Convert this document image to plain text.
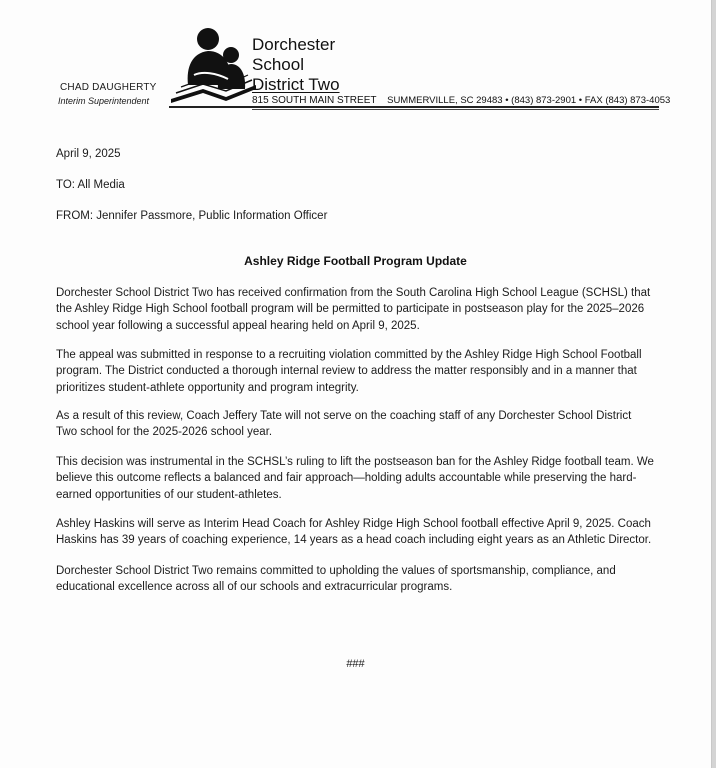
Dorchester
School
District Two
CHAD DAUGHERTY
Interim Superintendent	815 SOUTH MAIN STREET SUMMERVILLE, SC 29483 • (843) 873-2901 • FAX (843) 873-4053
April 9, 2025
TO: All Media
FROM: Jennifer Passmore, Public Information Officer
Ashley Ridge Football Program Update
Dorchester School District Two has received confirmation from the South Carolina High School League (SCHSL) that
the Ashley Ridge High School football program will be permitted to participate in postseason play for the 2025–2026
school year following a successful appeal hearing held on April 9, 2025.
The appeal was submitted in response to a recruiting violation committed by the Ashley Ridge High School Football
program. The District conducted a thorough internal review to address the matter responsibly and in a manner that
prioritizes student-athlete opportunity and program integrity.
As a result of this review, Coach Jeffery Tate will not serve on the coaching staff of any Dorchester School District
Two school for the 2025-2026 school year.
This decision was instrumental in the SCHSL’s ruling to lift the postseason ban for the Ashley Ridge football team. We
believe this outcome reflects a balanced and fair approach—holding adults accountable while preserving the hard-
earned opportunities of our student-athletes.
Ashley Haskins will serve as Interim Head Coach for Ashley Ridge High School football effective April 9, 2025. Coach
Haskins has 39 years of coaching experience, 14 years as a head coach including eight years as an Athletic Director.
Dorchester School District Two remains committed to upholding the values of sportsmanship, compliance, and
educational excellence across all of our schools and extracurricular programs.
###
